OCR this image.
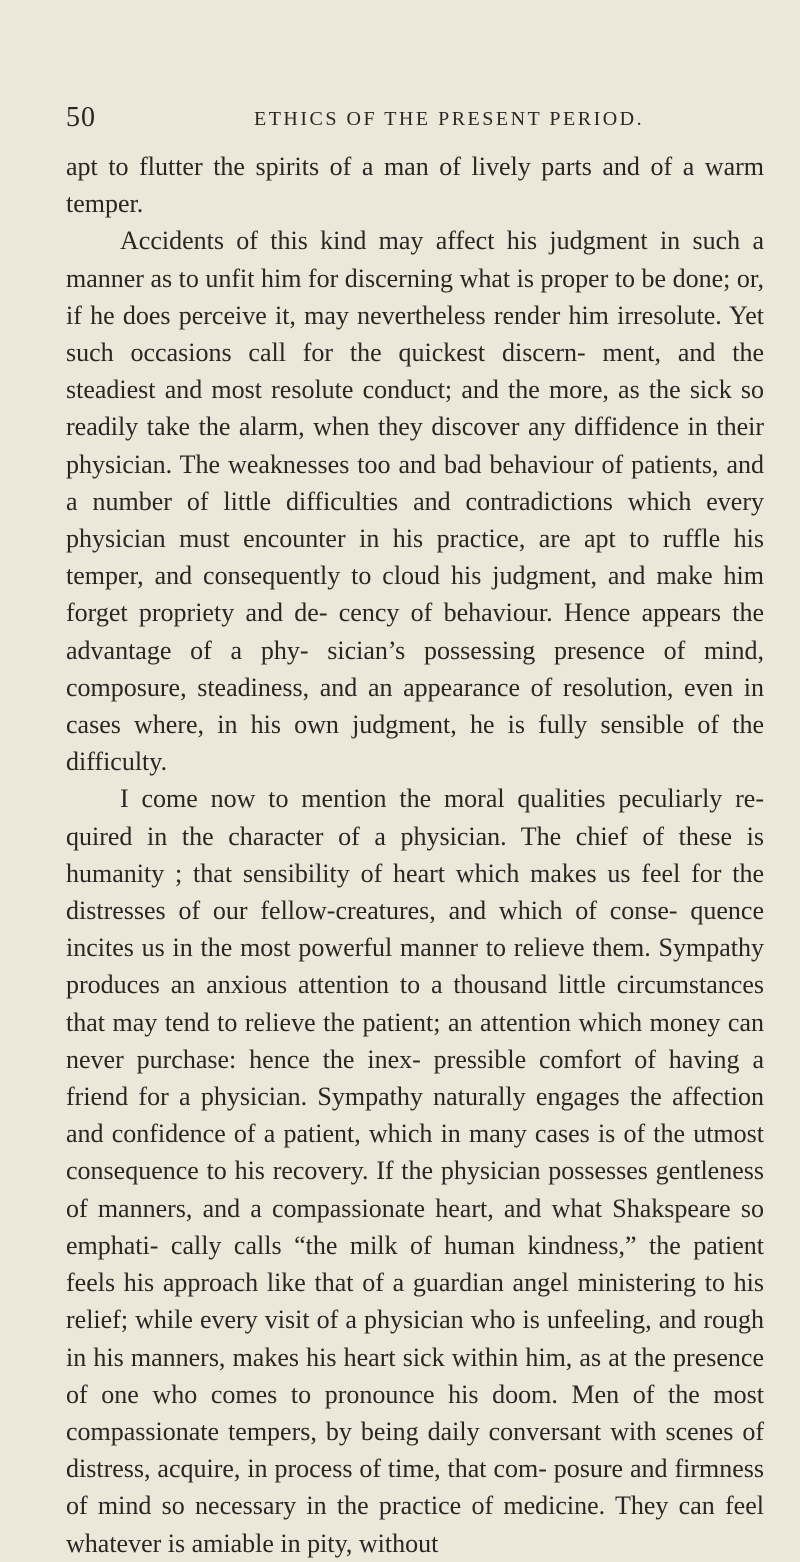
50	ETHICS OF THE PRESENT PERIOD.

apt to flutter the spirits of a man of lively parts and of a warm temper.

Accidents of this kind may affect his judgment in such a manner as to unfit him for discerning what is proper to be done; or, if he does perceive it, may nevertheless render him irresolute. Yet such occasions call for the quickest discern- ment, and the steadiest and most resolute conduct; and the more, as the sick so readily take the alarm, when they discover any diffidence in their physician. The weaknesses too and bad behaviour of patients, and a number of little difficulties and contradictions which every physician must encounter in his practice, are apt to ruffle his temper, and consequently to cloud his judgment, and make him forget propriety and de- cency of behaviour. Hence appears the advantage of a phy- sician’s possessing presence of mind, composure, steadiness, and an appearance of resolution, even in cases where, in his own judgment, he is fully sensible of the difficulty.

I come now to mention the moral qualities peculiarly re- quired in the character of a physician. The chief of these is humanity ; that sensibility of heart which makes us feel for the distresses of our fellow-creatures, and which of conse- quence incites us in the most powerful manner to relieve them. Sympathy produces an anxious attention to a thousand little circumstances that may tend to relieve the patient; an attention which money can never purchase: hence the inex- pressible comfort of having a friend for a physician. Sympathy naturally engages the affection and confidence of a patient, which in many cases is of the utmost consequence to his recovery. If the physician possesses gentleness of manners, and a compassionate heart, and what Shakspeare so emphati- cally calls “the milk of human kindness,” the patient feels his approach like that of a guardian angel ministering to his relief; while every visit of a physician who is unfeeling, and rough in his manners, makes his heart sick within him, as at the presence of one who comes to pronounce his doom. Men of the most compassionate tempers, by being daily conversant with scenes of distress, acquire, in process of time, that com- posure and firmness of mind so necessary in the practice of medicine. They can feel whatever is amiable in pity, without
